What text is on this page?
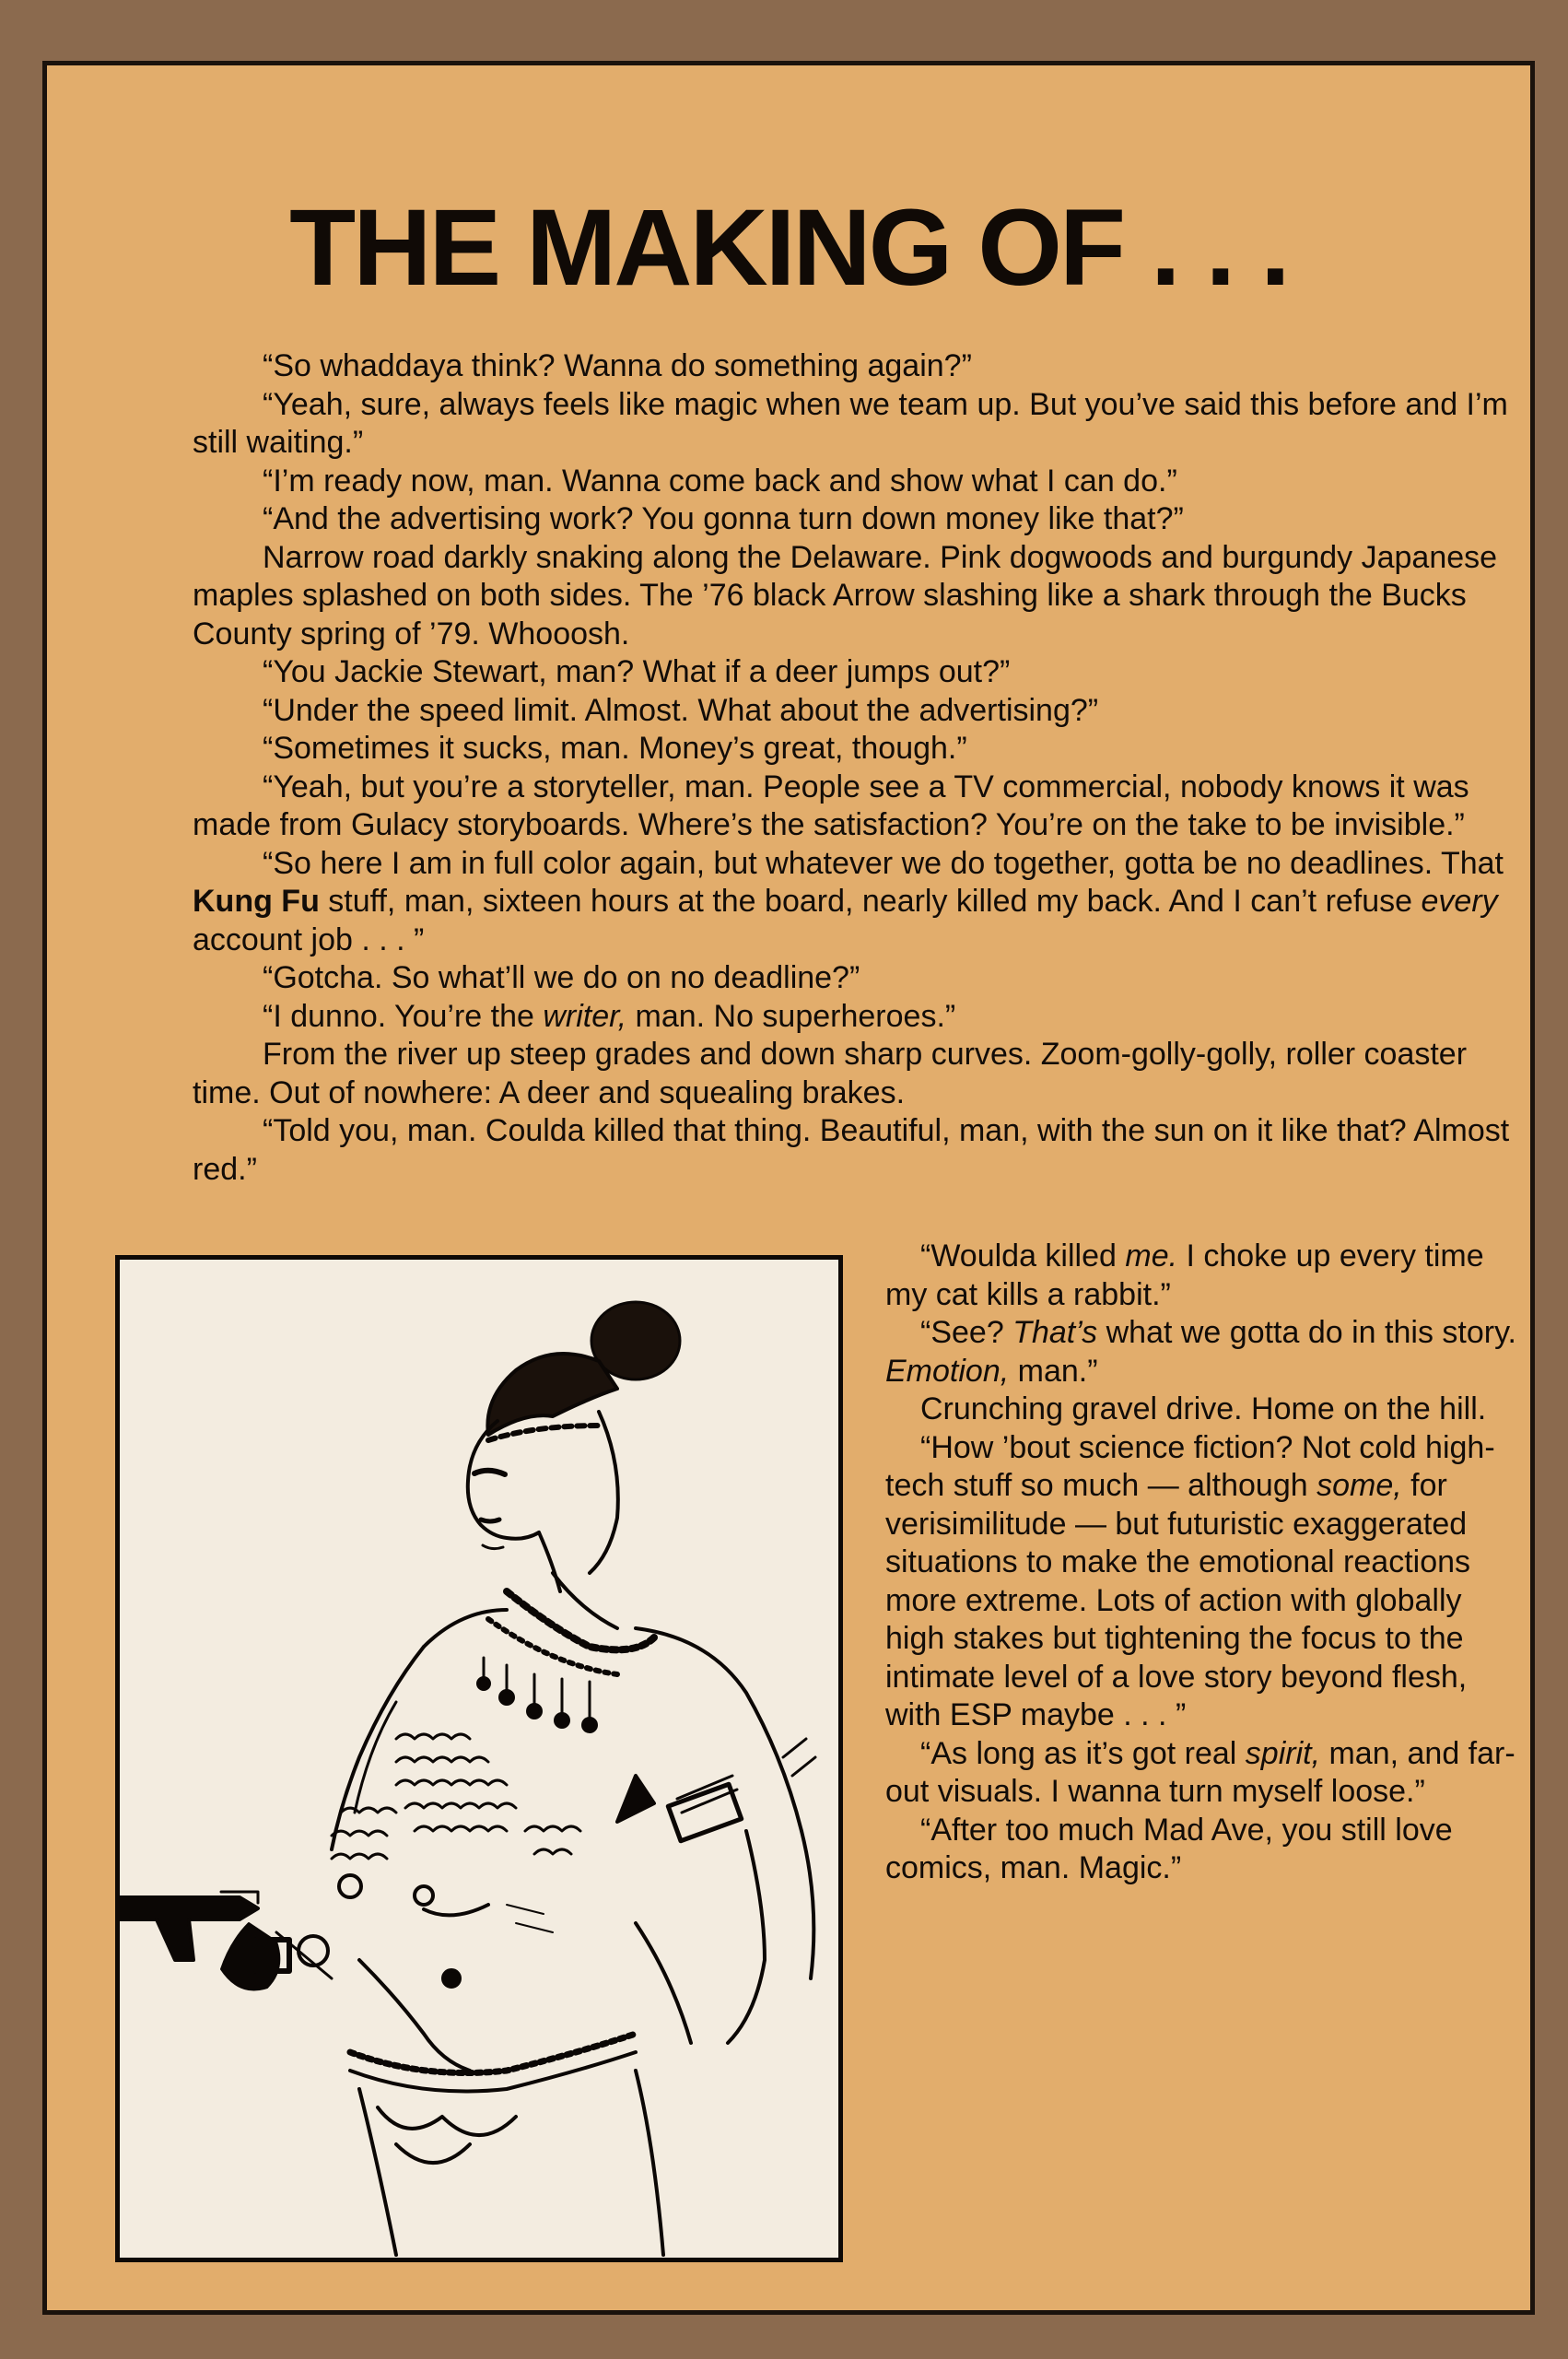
THE MAKING OF . . .

“So whaddaya think? Wanna do something again?”

“Yeah, sure, always feels like magic when we team up. But you’ve said this before and I’m still waiting.”

“I’m ready now, man. Wanna come back and show what I can do.”

“And the advertising work? You gonna turn down money like that?”

Narrow road darkly snaking along the Delaware. Pink dogwoods and burgundy Japanese maples splashed on both sides. The ’76 black Arrow slashing like a shark through the Bucks County spring of ’79. Whooosh.

“You Jackie Stewart, man? What if a deer jumps out?”

“Under the speed limit. Almost. What about the advertising?”

“Sometimes it sucks, man. Money’s great, though.”

“Yeah, but you’re a storyteller, man. People see a TV commercial, nobody knows it was made from Gulacy storyboards. Where’s the satisfaction? You’re on the take to be invisible.”

“So here I am in full color again, but whatever we do together, gotta be no deadlines. That Kung Fu stuff, man, sixteen hours at the board, nearly killed my back. And I can’t refuse every account job . . . ”

“Gotcha. So what’ll we do on no deadline?”

“I dunno. You’re the writer, man. No superheroes.”

From the river up steep grades and down sharp curves. Zoom-golly-golly, roller coaster time. Out of nowhere: A deer and squealing brakes.

“Told you, man. Coulda killed that thing. Beautiful, man, with the sun on it like that? Almost red.”

“Woulda killed me. I choke up every time my cat kills a rabbit.”

“See? That’s what we gotta do in this story. Emotion, man.”

Crunching gravel drive. Home on the hill.

“How ’bout science fiction? Not cold high-tech stuff so much — although some, for verisimilitude — but futuristic exaggerated situations to make the emotional reactions more extreme. Lots of action with globally high stakes but tightening the focus to the intimate level of a love story beyond flesh, with ESP maybe . . . ”

“As long as it’s got real spirit, man, and far-out visuals. I wanna turn myself loose.”

“After too much Mad Ave, you still love comics, man. Magic.”
